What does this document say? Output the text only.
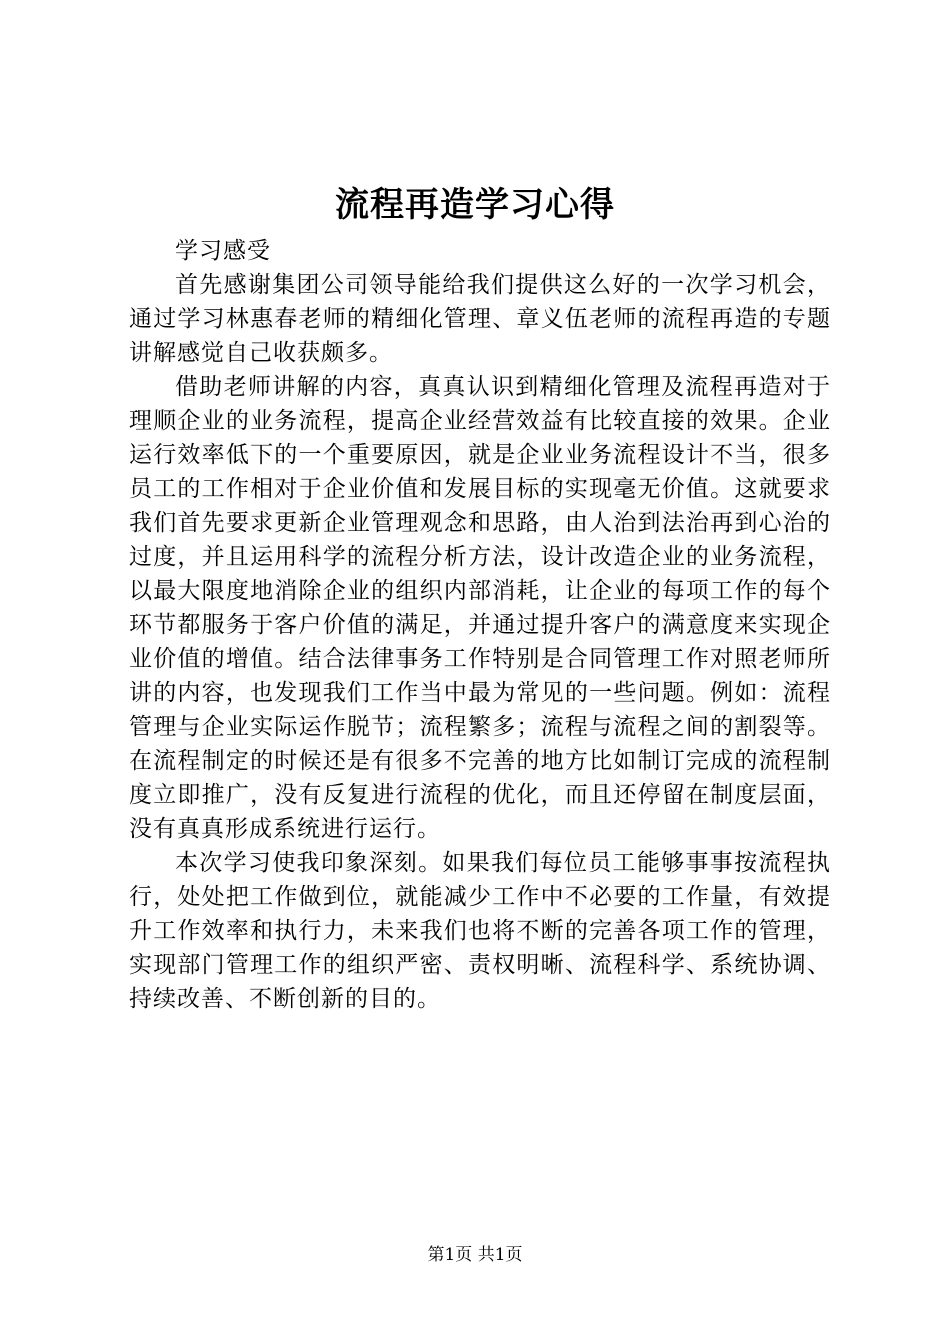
流程再造学习心得

学习感受

首先感谢集团公司领导能给我们提供这么好的一次学习机会，通过学习林惠春老师的精细化管理、章义伍老师的流程再造的专题讲解感觉自己收获颇多。

借助老师讲解的内容，真真认识到精细化管理及流程再造对于理顺企业的业务流程，提高企业经营效益有比较直接的效果。企业运行效率低下的一个重要原因，就是企业业务流程设计不当，很多员工的工作相对于企业价值和发展目标的实现毫无价值。这就要求我们首先要求更新企业管理观念和思路，由人治到法治再到心治的过度，并且运用科学的流程分析方法，设计改造企业的业务流程，以最大限度地消除企业的组织内部消耗，让企业的每项工作的每个环节都服务于客户价值的满足，并通过提升客户的满意度来实现企业价值的增值。结合法律事务工作特别是合同管理工作对照老师所讲的内容，也发现我们工作当中最为常见的一些问题。例如：流程管理与企业实际运作脱节；流程繁多；流程与流程之间的割裂等。在流程制定的时候还是有很多不完善的地方比如制订完成的流程制度立即推广，没有反复进行流程的优化，而且还停留在制度层面，没有真真形成系统进行运行。

本次学习使我印象深刻。如果我们每位员工能够事事按流程执行，处处把工作做到位，就能减少工作中不必要的工作量，有效提升工作效率和执行力，未来我们也将不断的完善各项工作的管理，实现部门管理工作的组织严密、责权明晰、流程科学、系统协调、持续改善、不断创新的目的。

第1页 共1页
